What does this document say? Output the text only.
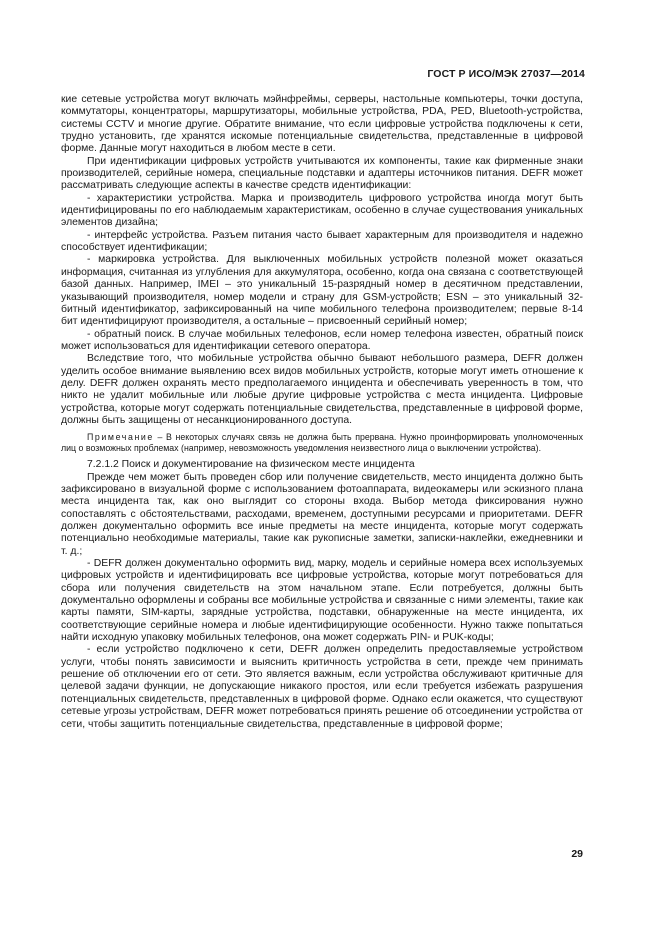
ГОСТ Р ИСО/МЭК 27037—2014

кие сетевые устройства могут включать мэйнфреймы, серверы, настольные компьютеры, точки доступа, коммутаторы, концентраторы, маршрутизаторы, мобильные устройства, PDA, PED, Bluetooth-устройства, системы CCTV и многие другие. Обратите внимание, что если цифровые устройства подключены к сети, трудно установить, где хранятся искомые потенциальные свидетельства, представленные в цифровой форме. Данные могут находиться в любом месте в сети.

При идентификации цифровых устройств учитываются их компоненты, такие как фирменные знаки производителей, серийные номера, специальные подставки и адаптеры источников питания. DEFR может рассматривать следующие аспекты в качестве средств идентификации:

- характеристики устройства. Марка и производитель цифрового устройства иногда могут быть идентифицированы по его наблюдаемым характеристикам, особенно в случае существования уникальных элементов дизайна;

- интерфейс устройства. Разъем питания часто бывает характерным для производителя и надежно способствует идентификации;

- маркировка устройства. Для выключенных мобильных устройств полезной может оказаться информация, считанная из углубления для аккумулятора, особенно, когда она связана с соответствующей базой данных. Например, IMEI – это уникальный 15-разрядный номер в десятичном представлении, указывающий производителя, номер модели и страну для GSM-устройств; ESN – это уникальный 32-битный идентификатор, зафиксированный на чипе мобильного телефона производителем; первые 8-14 бит идентифицируют производителя, а остальные – присвоенный серийный номер;

- обратный поиск. В случае мобильных телефонов, если номер телефона известен, обратный поиск может использоваться для идентификации сетевого оператора.

Вследствие того, что мобильные устройства обычно бывают небольшого размера, DEFR должен уделить особое внимание выявлению всех видов мобильных устройств, которые могут иметь отношение к делу. DEFR должен охранять место предполагаемого инцидента и обеспечивать уверенность в том, что никто не удалит мобильные или любые другие цифровые устройства с места инцидента. Цифровые устройства, которые могут содержать потенциальные свидетельства, представленные в цифровой форме, должны быть защищены от несанкционированного доступа.

Примечание – В некоторых случаях связь не должна быть прервана. Нужно проинформировать уполномоченных лиц о возможных проблемах (например, невозможность уведомления неизвестного лица о выключении устройства).

7.2.1.2 Поиск и документирование на физическом месте инцидента

Прежде чем может быть проведен сбор или получение свидетельств, место инцидента должно быть зафиксировано в визуальной форме с использованием фотоаппарата, видеокамеры или эскизного плана места инцидента так, как оно выглядит со стороны входа. Выбор метода фиксирования нужно сопоставлять с обстоятельствами, расходами, временем, доступными ресурсами и приоритетами. DEFR должен документально оформить все иные предметы на месте инцидента, которые могут содержать потенциально необходимые материалы, такие как рукописные заметки, записки-наклейки, ежедневники и т. д.;

- DEFR должен документально оформить вид, марку, модель и серийные номера всех используемых цифровых устройств и идентифицировать все цифровые устройства, которые могут потребоваться для сбора или получения свидетельств на этом начальном этапе. Если потребуется, должны быть документально оформлены и собраны все мобильные устройства и связанные с ними элементы, такие как карты памяти, SIM-карты, зарядные устройства, подставки, обнаруженные на месте инцидента, их соответствующие серийные номера и любые идентифицирующие особенности. Нужно также попытаться найти исходную упаковку мобильных телефонов, она может содержать PIN- и PUK-коды;

- если устройство подключено к сети, DEFR должен определить предоставляемые устройством услуги, чтобы понять зависимости и выяснить критичность устройства в сети, прежде чем принимать решение об отключении его от сети. Это является важным, если устройства обслуживают критичные для целевой задачи функции, не допускающие никакого простоя, или если требуется избежать разрушения потенциальных свидетельств, представленных в цифровой форме. Однако если окажется, что существуют сетевые угрозы устройствам, DEFR может потребоваться принять решение об отсоединении устройства от сети, чтобы защитить потенциальные свидетельства, представленные в цифровой форме;

29
